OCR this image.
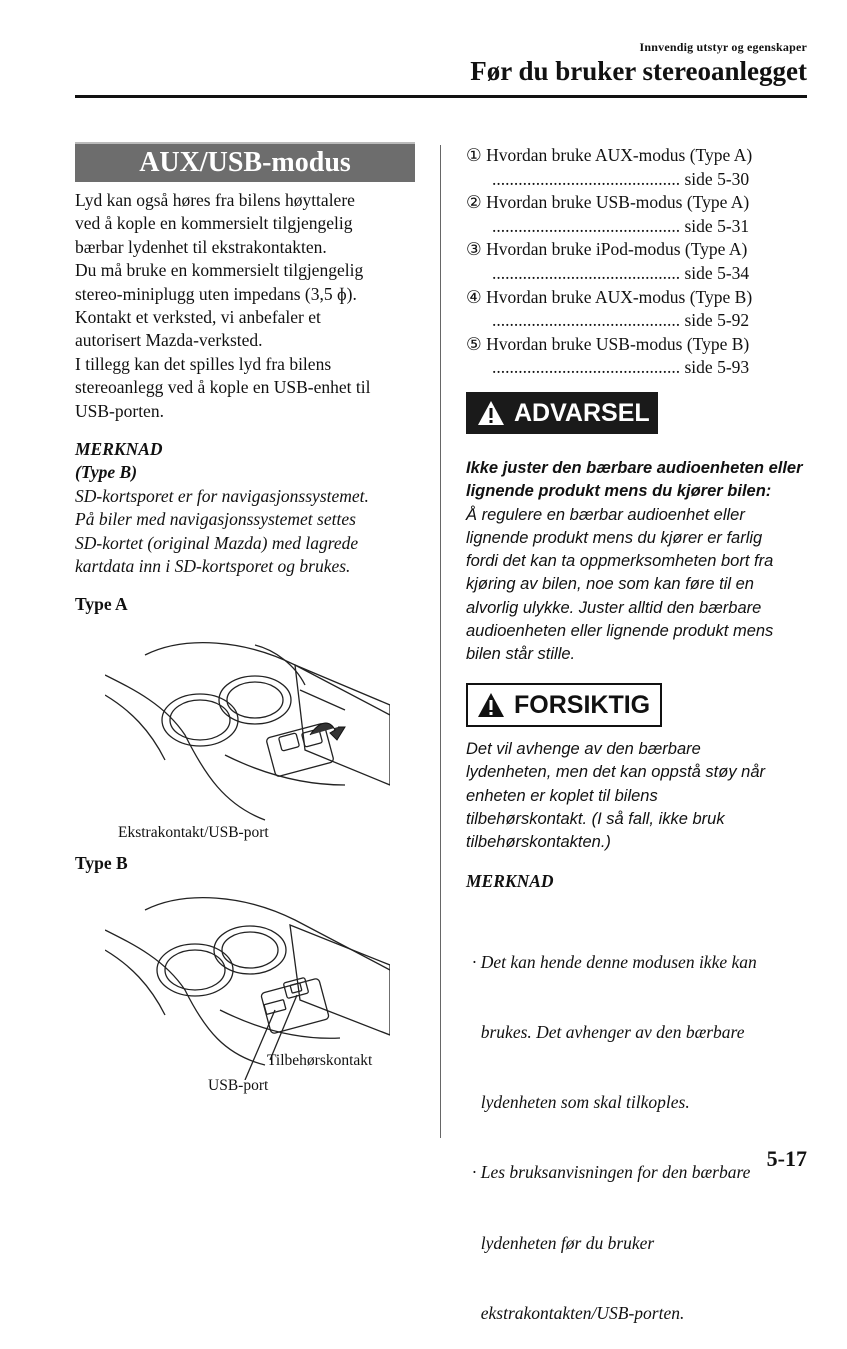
Innvendig utstyr og egenskaper
Før du bruker stereoanlegget
AUX/USB-modus
Lyd kan også høres fra bilens høyttalere
ved å kople en kommersielt tilgjengelig
bærbar lydenhet til ekstrakontakten.
Du må bruke en kommersielt tilgjengelig
stereo-miniplugg uten impedans (3,5 ɸ).
Kontakt et verksted, vi anbefaler et
autorisert Mazda-verksted.
I tillegg kan det spilles lyd fra bilens
stereoanlegg ved å kople en USB-enhet til
USB-porten.
MERKNAD
(Type B)
SD-kortsporet er for navigasjonssystemet.
På biler med navigasjonssystemet settes
SD-kortet (original Mazda) med lagrede
kartdata inn i SD-kortsporet og brukes.
Type A
Ekstrakontakt/USB-port
Type B
Tilbehørskontakt
USB-port
① Hvordan bruke AUX-modus (Type A)
........................................... side 5-30
② Hvordan bruke USB-modus (Type A)
........................................... side 5-31
③ Hvordan bruke iPod-modus (Type A)
........................................... side 5-34
④ Hvordan bruke AUX-modus (Type B)
........................................... side 5-92
⑤ Hvordan bruke USB-modus (Type B)
........................................... side 5-93
ADVARSEL
Ikke juster den bærbare audioenheten eller
lignende produkt mens du kjører bilen:
Å regulere en bærbar audioenhet eller
lignende produkt mens du kjører er farlig
fordi det kan ta oppmerksomheten bort fra
kjøring av bilen, noe som kan føre til en
alvorlig ulykke. Juster alltid den bærbare
audioenheten eller lignende produkt mens
bilen står stille.
FORSIKTIG
Det vil avhenge av den bærbare
lydenheten, men det kan oppstå støy når
enheten er koplet til bilens
tilbehørskontakt. (I så fall, ikke bruk
tilbehørskontakten.)
MERKNAD

· Det kan hende denne modusen ikke kan

brukes. Det avhenger av den bærbare

lydenheten som skal tilkoples.

· Les bruksanvisningen for den bærbare

lydenheten før du bruker

ekstrakontakten/USB-porten.

5-17
